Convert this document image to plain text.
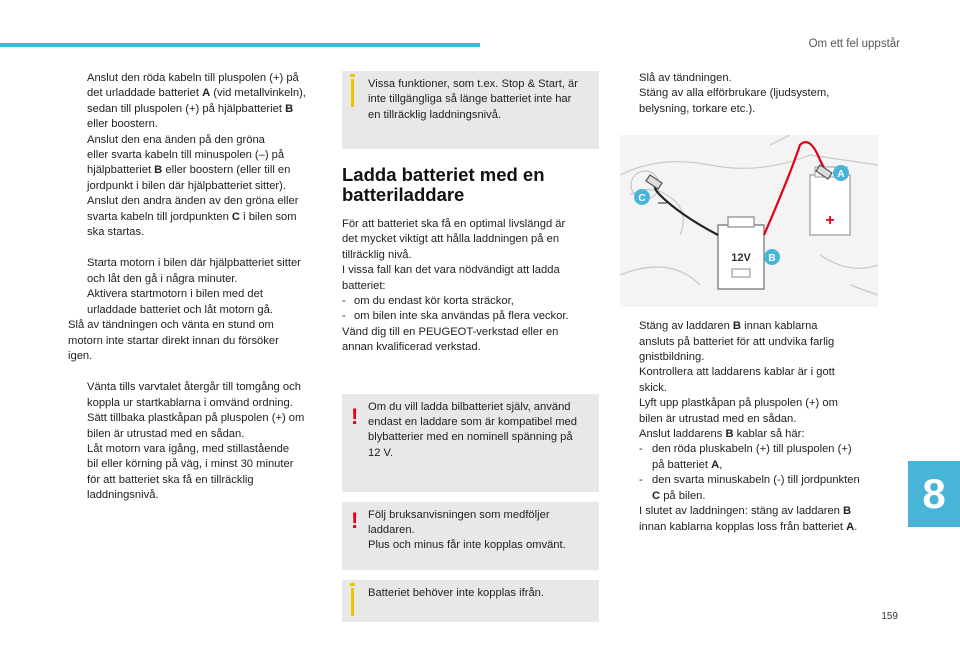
Om ett fel uppstår
Anslut den röda kabeln till pluspolen (+) på
det urladdade batteriet A (vid metallvinkeln),
sedan till pluspolen (+) på hjälpbatteriet B
eller boostern.
Anslut den ena änden på den gröna
eller svarta kabeln till minuspolen (–) på
hjälpbatteriet B eller boostern (eller till en
jordpunkt i bilen där hjälpbatteriet sitter).
Anslut den andra änden av den gröna eller
svarta kabeln till jordpunkten C i bilen som
ska startas.
Starta motorn i bilen där hjälpbatteriet sitter
och låt den gå i några minuter.
Aktivera startmotorn i bilen med det
urladdade batteriet och låt motorn gå.

Slå av tändningen och vänta en stund om
motorn inte startar direkt innan du försöker
igen.

Vänta tills varvtalet återgår till tomgång och
koppla ur startkablarna i omvänd ordning.
Sätt tillbaka plastkåpan på pluspolen (+) om
bilen är utrustad med en sådan.
Låt motorn vara igång, med stillastående
bil eller körning på väg, i minst 30 minuter
för att batteriet ska få en tillräcklig
laddningsnivå.
Vissa funktioner, som t.ex. Stop & Start, är
inte tillgängliga så länge batteriet inte har
en tillräcklig laddningsnivå.
Ladda batteriet med en
batteriladdare

För att batteriet ska få en optimal livslängd är
det mycket viktigt att hålla laddningen på en
tillräcklig nivå.
I vissa fall kan det vara nödvändigt att ladda
batteriet:

- om du endast kör korta sträckor,
- om bilen inte ska användas på flera veckor.

Vänd dig till en PEUGEOT-verkstad eller en
annan kvalificerad verkstad.

! Om du vill ladda bilbatteriet själv, använd
endast en laddare som är kompatibel med
blybatterier med en nominell spänning på
12 V.
! Följ bruksanvisningen som medföljer
laddaren.
Plus och minus får inte kopplas omvänt.
Batteriet behöver inte kopplas ifrån.
Slå av tändningen.
Stäng av alla elförbrukare (ljudsystem,
belysning, torkare etc.).
+
12V
–
A
B
C
Stäng av laddaren B innan kablarna
ansluts på batteriet för att undvika farlig
gnistbildning.
Kontrollera att laddarens kablar är i gott
skick.
Lyft upp plastkåpan på pluspolen (+) om
bilen är utrustad med en sådan.
Anslut laddarens B kablar så här:
- den röda pluskabeln (+) till pluspolen (+)
på batteriet A,
- den svarta minuskabeln (-) till jordpunkten
C på bilen.
I slutet av laddningen: stäng av laddaren B
innan kablarna kopplas loss från batteriet A.
8
159
